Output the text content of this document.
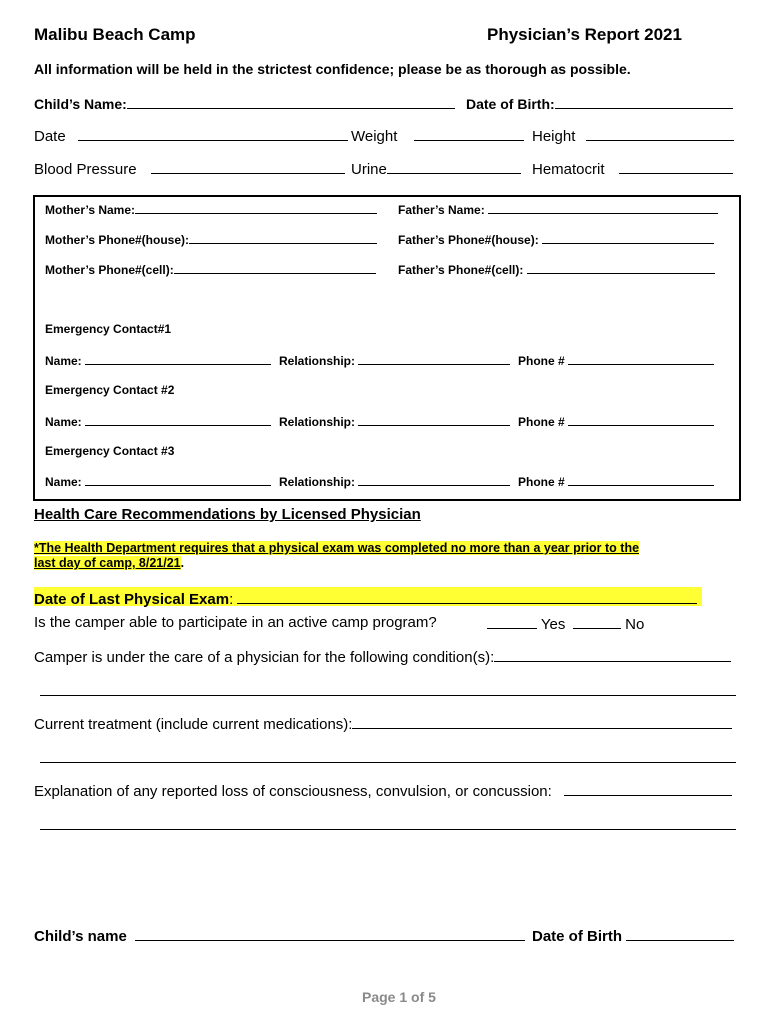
Malibu Beach Camp	Physician’s Report 2021
All information will be held in the strictest confidence; please be as thorough as possible.
Child’s Name:	Date of Birth:
Date	Weight	Height
Blood Pressure	Urine	Hematocrit
Mother’s Name:	Father’s Name:
Mother’s Phone#(house):	Father’s Phone#(house):
Mother’s Phone#(cell):	Father’s Phone#(cell):
Emergency Contact#1
Name:	Relationship:	Phone #
Emergency Contact #2
Name:	Relationship:	Phone #
Emergency Contact #3
Name:	Relationship:	Phone #
Health Care Recommendations by Licensed Physician
*The Health Department requires that a physical exam was completed no more than a year prior to the
last day of camp, 8/21/21.
Date of Last Physical Exam:
Is the camper able to participate in an active camp program?	Yes	No
Camper is under the care of a physician for the following condition(s):
Current treatment (include current medications):
Explanation of any reported loss of consciousness, convulsion, or concussion:
Child’s name	Date of Birth
Page 1 of 5
